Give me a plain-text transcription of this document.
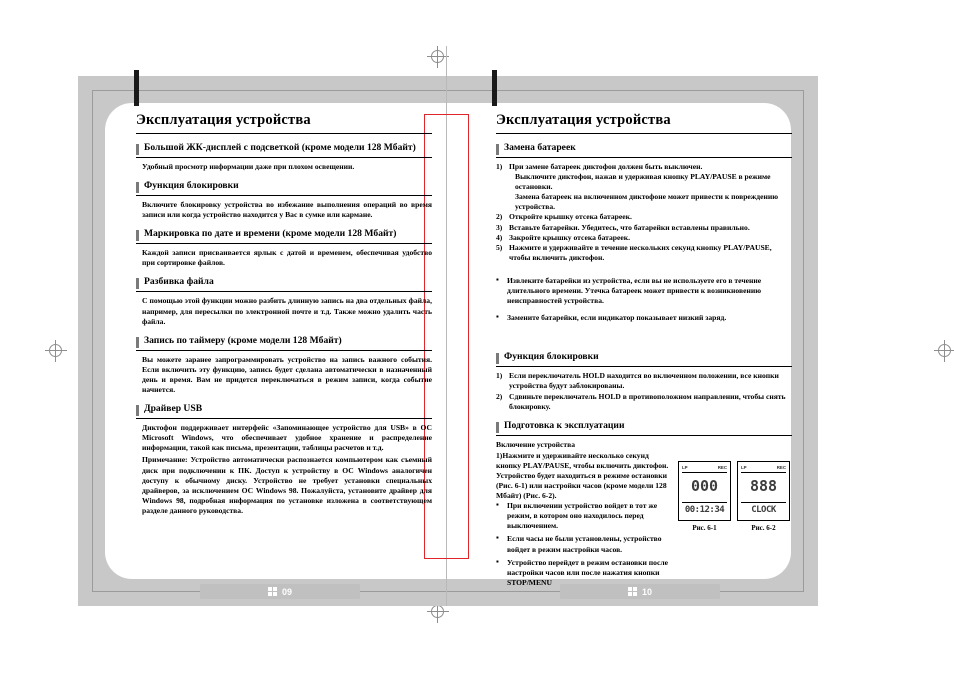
Эксплуатация устройства
Большой ЖК-дисплей с подсветкой (кроме модели 128 Мбайт)

Удобный просмотр информации даже при плохом освещении.

Функция блокировки

Включите блокировку устройства во избежание выполнения операций во время записи или когда устройство находится у Вас в сумке или кармане.

Маркировка по дате и времени (кроме модели 128 Мбайт)

Каждой записи присваивается ярлык с датой и временем, обеспечивая удобство при сортировке файлов.

Разбивка файла

С помощью этой функции можно разбить длинную запись на два отдельных файла, например, для пересылки по электронной почте и т.д. Также можно удалить часть файла.

Запись по таймеру (кроме модели 128 Мбайт)

Вы можете заранее запрограммировать устройство на запись важного события. Если включить эту функцию, запись будет сделана автоматически в назначенный день и время. Вам не придется переключаться в режим записи, когда событие начнется.

Драйвер USB

Диктофон поддерживает интерфейс «Запоминающее устройство для USB» в ОС Microsoft Windows, что обеспечивает удобное хранение и распределение информации, такой как письма, презентации, таблицы расчетов и т.д.

Примечание: Устройство автоматически распознается компьютером как съемный диск при подключении к ПК. Доступ к устройству в ОС Windows аналогичен доступу к обычному диску. Устройство не требует установки специальных драйверов, за исключением ОС Windows 98. Пожалуйста, установите драйвер для Windows 98, подробная информация по установке изложена в соответствующем разделе данного руководства.

Эксплуатация устройства
Замена батареек
1) При замене батареек диктофон должен быть выключен.
Выключите диктофон, нажав и удерживая кнопку PLAY/PAUSE в режиме остановки.
Замена батареек на включенном диктофоне может привести к повреждению устройства.
2) Откройте крышку отсека батареек.
3) Вставьте батарейки. Убедитесь, что батарейки вставлены правильно.
4) Закройте крышку отсека батареек.
5) Нажмите и удерживайте в течение нескольких секунд кнопку PLAY/PAUSE, чтобы включить диктофон.
▪ Извлеките батарейки из устройства, если вы не используете его в течение длительного времени. Утечка батареек может привести к возникновению неисправностей устройства.
▪ Замените батарейки, если индикатор показывает низкий заряд.
Функция блокировки
1) Если переключатель HOLD находится во включенном положении, все кнопки устройства будут заблокированы.
2) Сдвиньте переключатель HOLD в противоположном направлении, чтобы снять блокировку.
Подготовка к эксплуатации
Включение устройства
1)Нажмите и удерживайте несколько секунд кнопку PLAY/PAUSE, чтобы включить диктофон. Устройство будет находиться в режиме остановки (Рис. 6-1) или настройки часов (кроме модели 128 Мбайт) (Рис. 6-2).
▪ При включении устройство войдет в тот же режим, в котором оно находилось перед выключением.
▪ Если часы не были установлены, устройство войдет в режим настройки часов.
▪ Устройство перейдет в режим остановки после настройки часов или после нажатия кнопки STOP/MENU
LP	REC
000
00:12:34
Рис. 6-1
LP	REC
888
CLOCK
Рис. 6-2
09	10
